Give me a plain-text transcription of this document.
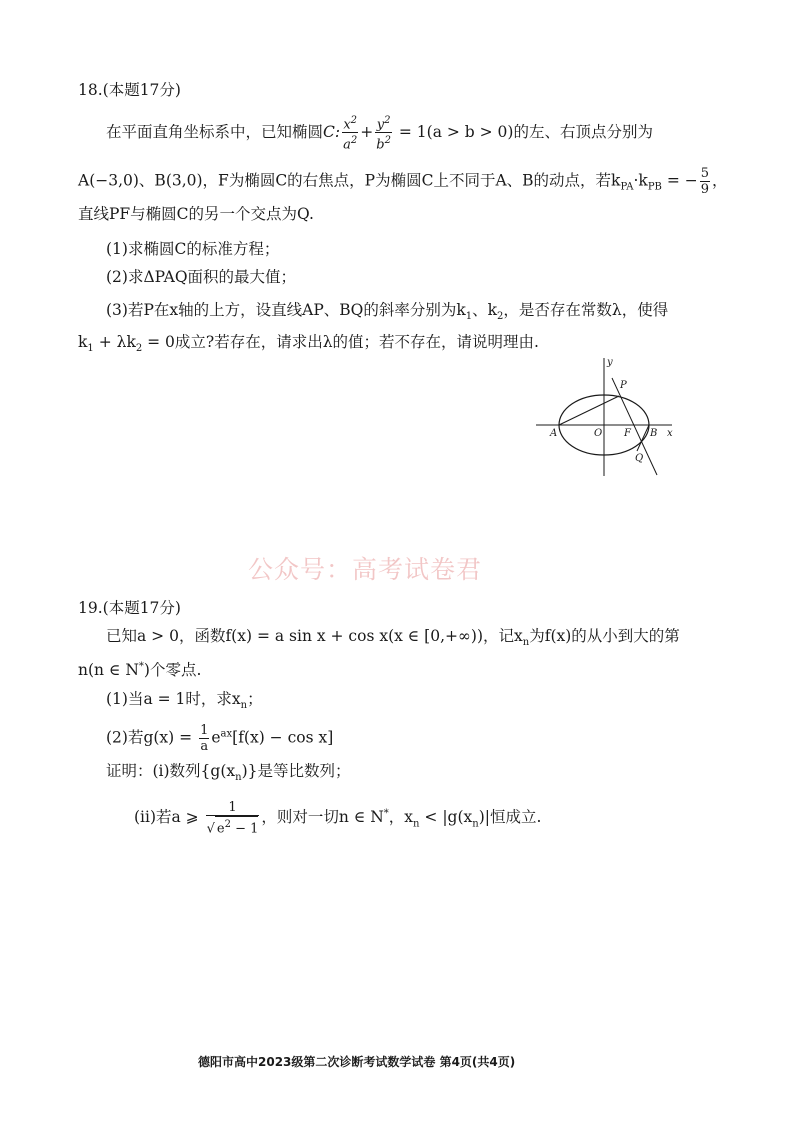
18.(本题17分)
在平面直角坐标系中，已知椭圆C: $\frac{x^2}{a^2} + \frac{y^2}{b^2} = 1(a > b > 0)$的左、右顶点分别为
A(−3,0)、B(3,0)，F为椭圆C的右焦点，P为椭圆C上不同于A、B的动点，若$k_{PA}\cdot k_{PB}$ = − $\frac{5}{9}$ ，
直线PF与椭圆C的另一个交点为Q.
(1)求椭圆C的标准方程；
(2)求ΔPAQ面积的最大值；
(3)若P在x轴的上方，设直线AP、BQ的斜率分别为$k_1$、$k_2$，是否存在常数λ，使得
$k_1 + \lambda k_2 = 0$成立?若存在，请求出λ的值；若不存在，请说明理由.
y
P
A	O F B x
Q
公众号：高考试卷君
19.(本题17分)
已知a > 0，函数f(x) = a sin x + cos x(x ∈ [0,+∞))，记$x_n$为f(x)的从小到大的第
n(n ∈ N*)个零点.
(1)当a = 1时，求$x_n$；
(2)若$g(x) = \frac{1}{a} e^{ax}[f(x) - \cos x]$
证明：(ⅰ)数列$\{g(x_n)\}$是等比数列；
(ⅱ)若a ⩾ $\frac{1}{√ e^2 - 1}$ ，则对一切n ∈ N*，$x_n < |g(x_n)|$恒成立.
德阳市高中2023级第二次诊断考试数学试卷 第4页(共4页)
